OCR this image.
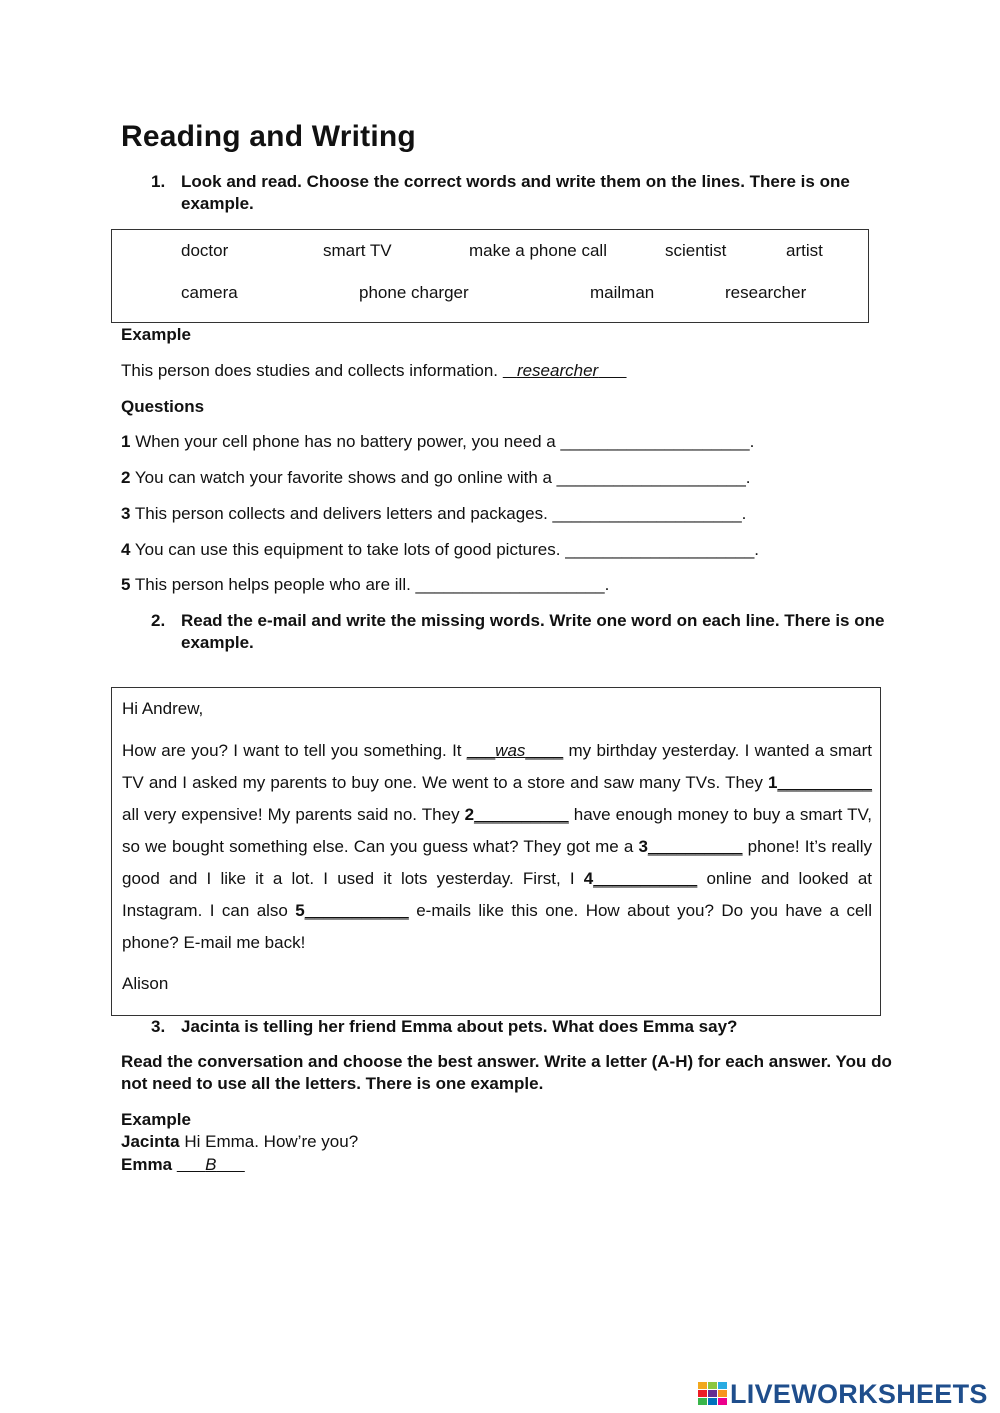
Reading and Writing
1. Look and read. Choose the correct words and write them on the lines. There is one example.
doctor	smart TV	make a phone call	scientist	artist
camera	phone charger	mailman	researcher
Example
This person does studies and collects information. researcher
Questions
1 When your cell phone has no battery power, you need a ____________________.
2 You can watch your favorite shows and go online with a ____________________.
3 This person collects and delivers letters and packages. ____________________.
4 You can use this equipment to take lots of good pictures. ____________________.
5 This person helps people who are ill. ____________________.
2. Read the e-mail and write the missing words. Write one word on each line. There is one example.
Hi Andrew,
How are you? I want to tell you something. It ___was____ my birthday yesterday. I wanted a smart TV and I asked my parents to buy one. We went to a store and saw many TVs. They 1__________ all very expensive! My parents said no. They 2__________ have enough money to buy a smart TV, so we bought something else. Can you guess what? They got me a 3__________ phone! It’s really good and I like it a lot. I used it lots yesterday. First, I 4___________ online and looked at Instagram. I can also 5___________ e-mails like this one. How about you? Do you have a cell phone? E-mail me back!
Alison
3. Jacinta is telling her friend Emma about pets. What does Emma say?
Read the conversation and choose the best answer. Write a letter (A-H) for each answer. You do not need to use all the letters. There is one example.
Example
Jacinta Hi Emma. How’re you?
Emma B
LIVEWORKSHEETS
